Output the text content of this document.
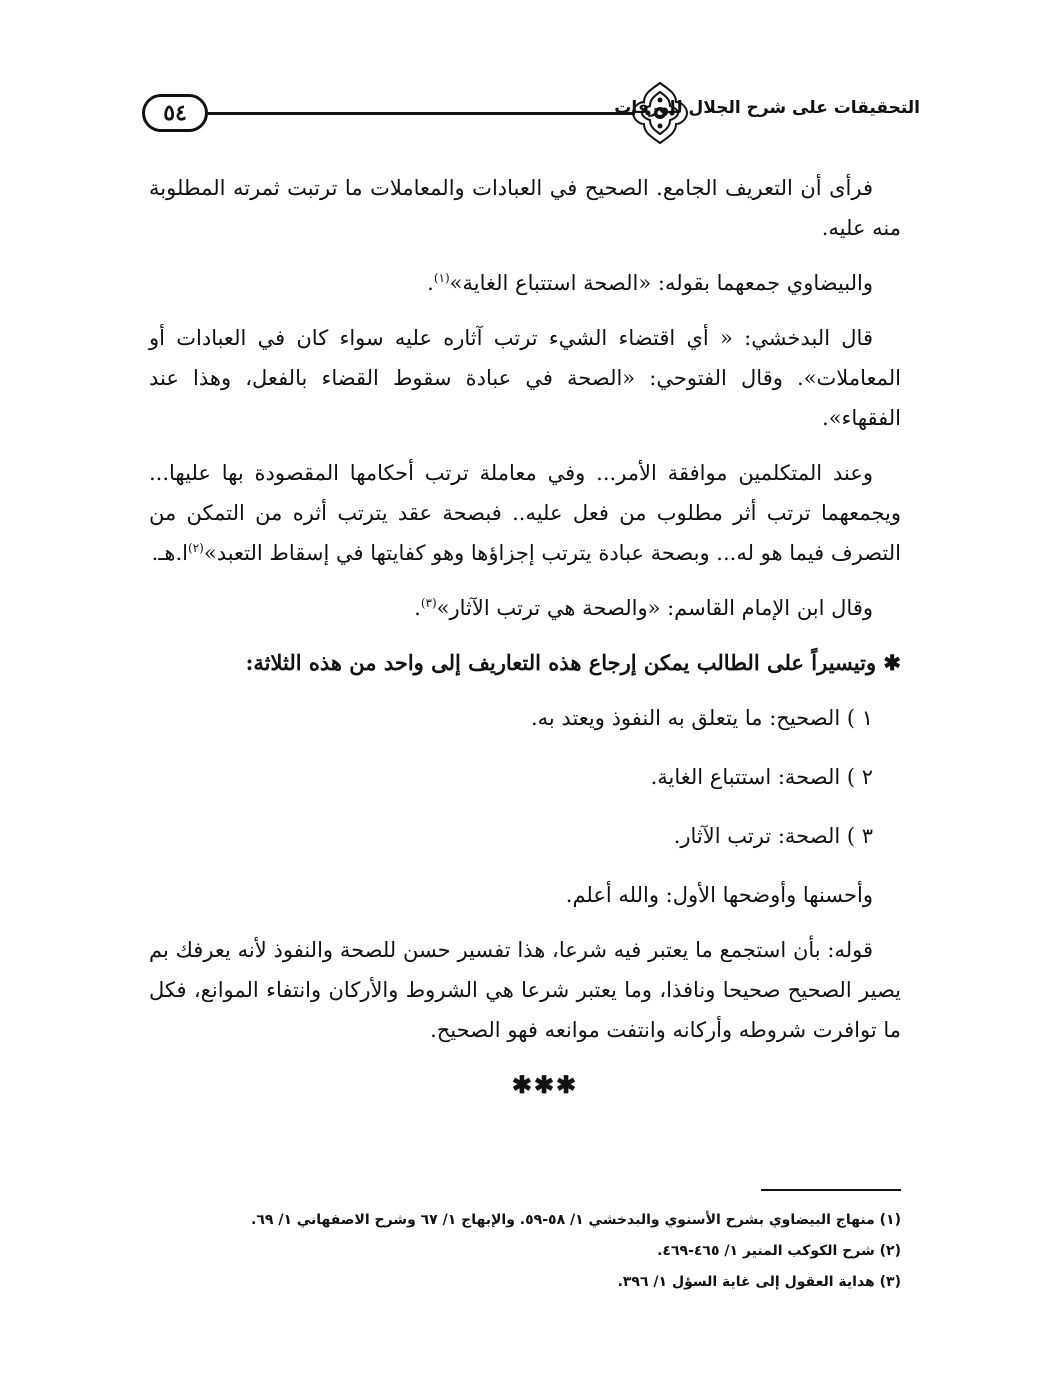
٥٤	التحقيقات على شرح الجلال للورقات

فرأى أن التعريف الجامع. الصحيح في العبادات والمعاملات ما ترتبت ثمرته المطلوبة منه عليه.

والبيضاوي جمعهما بقوله: «الصحة استتباع الغاية»$^{(١)}$.

قال البدخشي: « أي اقتضاء الشيء ترتب آثاره عليه سواء كان في العبادات أو المعاملات». وقال الفتوحي: «الصحة في عبادة سقوط القضاء بالفعل، وهذا عند الفقهاء».

وعند المتكلمين موافقة الأمر... وفي معاملة ترتب أحكامها المقصودة بها عليها... ويجمعهما ترتب أثر مطلوب من فعل عليه.. فبصحة عقد يترتب أثره من التمكن من التصرف فيما هو له... وبصحة عبادة يترتب إجزاؤها وهو كفايتها في إسقاط التعبد»$^{(٢)}$ا.هـ.

وقال ابن الإمام القاسم: «والصحة هي ترتب الآثار»$^{(٣)}$.

✱ وتيسيراً على الطالب يمكن إرجاع هذه التعاريف إلى واحد من هذه الثلاثة:

١ ) الصحيح: ما يتعلق به النفوذ ويعتد به.

٢ ) الصحة: استتباع الغاية.

٣ ) الصحة: ترتب الآثار.

وأحسنها وأوضحها الأول: والله أعلم.

قوله: بأن استجمع ما يعتبر فيه شرعا، هذا تفسير حسن للصحة والنفوذ لأنه يعرفك بم يصير الصحيح صحيحا ونافذا، وما يعتبر شرعا هي الشروط والأركان وانتفاء الموانع، فكل ما توافرت شروطه وأركانه وانتفت موانعه فهو الصحيح.

✱✱✱
(١) منهاج البيضاوي بشرح الأسنوي والبدخشي ١/ ٥٨-٥٩. والإبهاج ١/ ٦٧ وشرح الاصفهاني ١/ ٦٩.
(٢) شرح الكوكب المنير ١/ ٤٦٥-٤٦٩.
(٣) هداية العقول إلى غاية السؤل ١/ ٣٩٦.
